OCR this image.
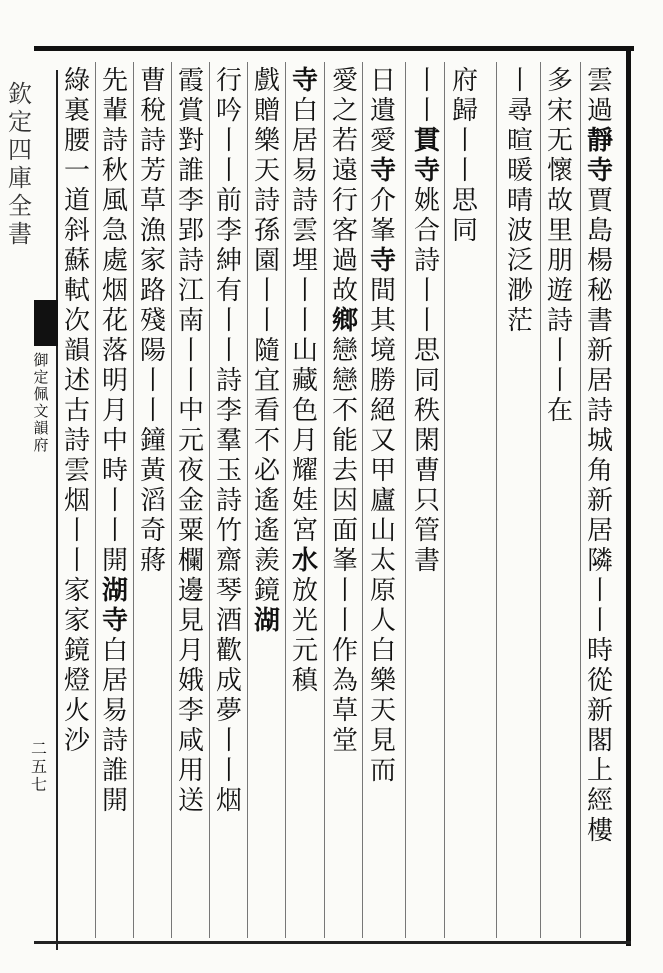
欽定四庫全書
御定佩文韻府
二五七
雲
過
靜
寺
賈
島
楊
秘
書
新
居
詩
城
角
新
居
隣
丨
丨
時
從
新
閣
上
經
樓
多
宋
无
懷
故
里
朋
遊
詩
丨
丨
在
丨
尋
暄
暖
晴
波
泛
渺
茫
府
歸
丨
丨
思
同
丨
丨
貫
寺
姚
合
詩
丨
丨
思
同
秩
閑
曹
只
管
書
日
遺
愛
寺
介
峯
寺
間
其
境
勝
絕
又
甲
廬
山
太
原
人
白
樂
天
見
而
愛
之
若
遠
行
客
過
故
鄉
戀
戀
不
能
去
因
面
峯
丨
丨
作
為
草
堂
寺
白
居
易
詩
雲
埋
丨
丨
山
藏
色
月
耀
娃
宮
水
放
光
元
稹
戲
贈
樂
天
詩
孫
園
丨
丨
隨
宜
看
不
必
遙
遙
羨
鏡
湖
行
吟
丨
丨
前
李
紳
有
丨
丨
詩
李
羣
玉
詩
竹
齋
琴
酒
歡
成
夢
丨
丨
烟
霞
賞
對
誰
李
郢
詩
江
南
丨
丨
中
元
夜
金
粟
欄
邊
見
月
娥
李
咸
用
送
曹
稅
詩
芳
草
漁
家
路
殘
陽
丨
丨
鐘
黃
滔
奇
蔣
先
輩
詩
秋
風
急
處
烟
花
落
明
月
中
時
丨
丨
開
湖
寺
白
居
易
詩
誰
開
綠
裏
腰
一
道
斜
蘇
軾
次
韻
述
古
詩
雲
烟
丨
丨
家
家
鏡
燈
火
沙
